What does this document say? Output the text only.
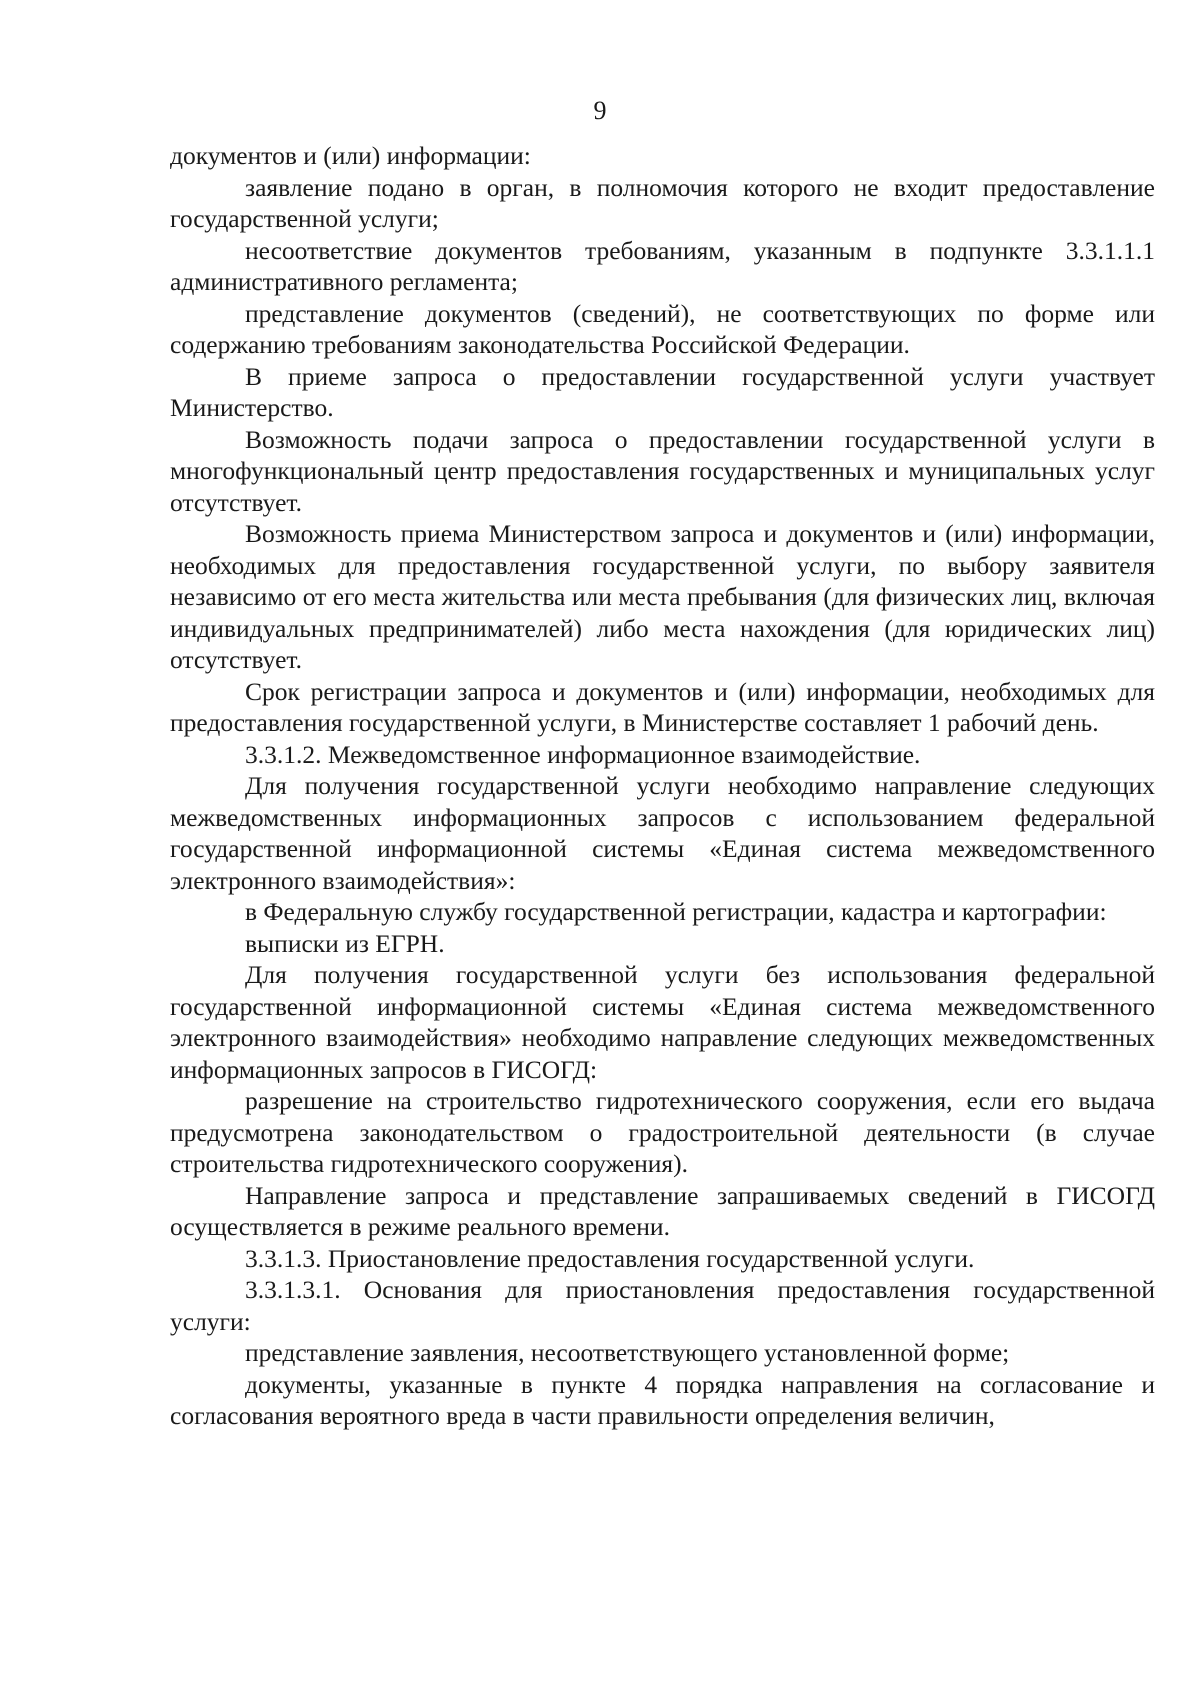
9

документов и (или) информации:

заявление подано в орган, в полномочия которого не входит предоставление государственной услуги;

несоответствие документов требованиям, указанным в подпункте 3.3.1.1.1 административного регламента;

представление документов (сведений), не соответствующих по форме или содержанию требованиям законодательства Российской Федерации.

В приеме запроса о предоставлении государственной услуги участвует Министерство.

Возможность подачи запроса о предоставлении государственной услуги в многофункциональный центр предоставления государственных и муниципальных услуг отсутствует.

Возможность приема Министерством запроса и документов и (или) информации, необходимых для предоставления государственной услуги, по выбору заявителя независимо от его места жительства или места пребывания (для физических лиц, включая индивидуальных предпринимателей) либо места нахождения (для юридических лиц) отсутствует.

Срок регистрации запроса и документов и (или) информации, необходимых для предоставления государственной услуги, в Министерстве составляет 1 рабочий день.

3.3.1.2. Межведомственное информационное взаимодействие.

Для получения государственной услуги необходимо направление следующих межведомственных информационных запросов с использованием федеральной государственной информационной системы «Единая система межведомственного электронного взаимодействия»:

в Федеральную службу государственной регистрации, кадастра и картографии:

выписки из ЕГРН.

Для получения государственной услуги без использования федеральной государственной информационной системы «Единая система межведомственного электронного взаимодействия» необходимо направление следующих межведомственных информационных запросов в ГИСОГД:

разрешение на строительство гидротехнического сооружения, если его выдача предусмотрена законодательством о градостроительной деятельности (в случае строительства гидротехнического сооружения).

Направление запроса и представление запрашиваемых сведений в ГИСОГД осуществляется в режиме реального времени.

3.3.1.3. Приостановление предоставления государственной услуги.

3.3.1.3.1. Основания для приостановления предоставления государственной услуги:

представление заявления, несоответствующего установленной форме;

документы, указанные в пункте 4 порядка направления на согласование и согласования вероятного вреда в части правильности определения величин,
